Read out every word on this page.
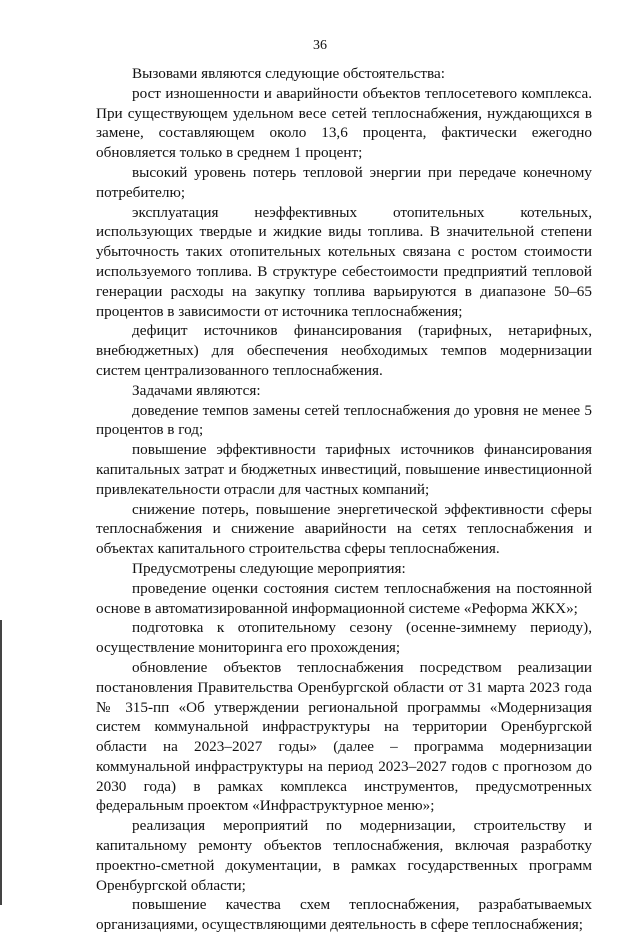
36

Вызовами являются следующие обстоятельства:

рост изношенности и аварийности объектов теплосетевого комплекса. При существующем удельном весе сетей теплоснабжения, нуждающихся в замене, составляющем около 13,6 процента, фактически ежегодно обновляется только в среднем 1 процент;

высокий уровень потерь тепловой энергии при передаче конечному потребителю;

эксплуатация неэффективных отопительных котельных, использующих твердые и жидкие виды топлива. В значительной степени убыточность таких отопительных котельных связана с ростом стоимости используемого топлива. В структуре себестоимости предприятий тепловой генерации расходы на закупку топлива варьируются в диапазоне 50–65 процентов в зависимости от источника теплоснабжения;

дефицит источников финансирования (тарифных, нетарифных, внебюджетных) для обеспечения необходимых темпов модернизации систем централизованного теплоснабжения.

Задачами являются:

доведение темпов замены сетей теплоснабжения до уровня не менее 5 процентов в год;

повышение эффективности тарифных источников финансирования капитальных затрат и бюджетных инвестиций, повышение инвестиционной привлекательности отрасли для частных компаний;

снижение потерь, повышение энергетической эффективности сферы теплоснабжения и снижение аварийности на сетях теплоснабжения и объектах капитального строительства сферы теплоснабжения.

Предусмотрены следующие мероприятия:

проведение оценки состояния систем теплоснабжения на постоянной основе в автоматизированной информационной системе «Реформа ЖКХ»;

подготовка к отопительному сезону (осенне-зимнему периоду), осуществление мониторинга его прохождения;

обновление объектов теплоснабжения посредством реализации постановления Правительства Оренбургской области от 31 марта 2023 года № 315-пп «Об утверждении региональной программы «Модернизация систем коммунальной инфраструктуры на территории Оренбургской области на 2023–2027 годы» (далее – программа модернизации коммунальной инфраструктуры на период 2023–2027 годов с прогнозом до 2030 года) в рамках комплекса инструментов, предусмотренных федеральным проектом «Инфраструктурное меню»;

реализация мероприятий по модернизации, строительству и капитальному ремонту объектов теплоснабжения, включая разработку проектно-сметной документации, в рамках государственных программ Оренбургской области;

повышение качества схем теплоснабжения, разрабатываемых организациями, осуществляющими деятельность в сфере теплоснабжения;
